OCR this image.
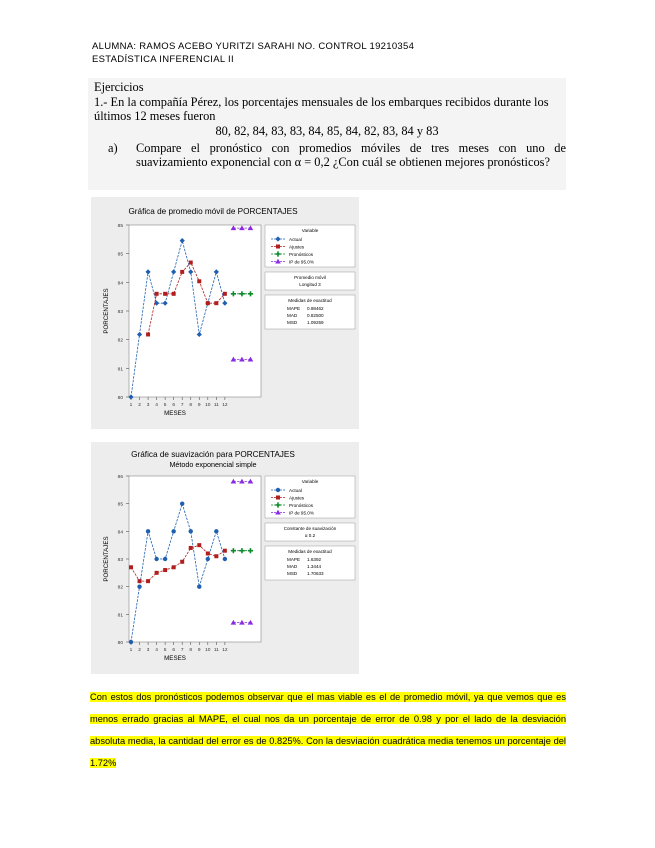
ALUMNA: RAMOS ACEBO YURITZI SARAHI NO. CONTROL 19210354
ESTADÍSTICA INFERENCIAL II
Ejercicios
1.- En la compañía Pérez, los porcentajes mensuales de los embarques recibidos durante los últimos 12 meses fueron
80, 82, 84, 83, 83, 84, 85, 84, 82, 83, 84 y 83
a) Compare el pronóstico con promedios móviles de tres meses con uno de suavizamiento exponencial con α = 0,2 ¿Con cuál se obtienen mejores pronósticos?
Gráfica de promedio móvil de PORCENTAJES
80
81
82
83
84
85
85
1 2 3 4 5 6 7 8 9 10 11 12
MESES
PORCENTAJES
Variable
Actual
Ajustes
Pronósticos
IP de 95.0%
Promedio móvil
Longitud 3
Medidas de exactitud
MAPE 0.98462
MAD 0.82500
MSD 1.09259
Gráfica de suavización para PORCENTAJES
Método exponencial simple
80
81
82
83
84
85
86
1 2 3 4 5 6 7 8 9 10 11 12
MESES
PORCENTAJES
Variable
Actual
Ajustes
Pronósticos
IP de 95.0%
Constante de suavización
α 0.2
Medidas de exactitud
MAPE 1.6392
MAD 1.3444
MSD 1.70633
Con estos dos pronósticos podemos observar que el mas viable es el de promedio móvil, ya que vemos que es menos errado gracias al MAPE, el cual nos da un porcentaje de error de 0.98 y por el lado de la desviación absoluta media, la cantidad del error es de 0.825%. Con la desviación cuadrática media tenemos un porcentaje del 1.72%
